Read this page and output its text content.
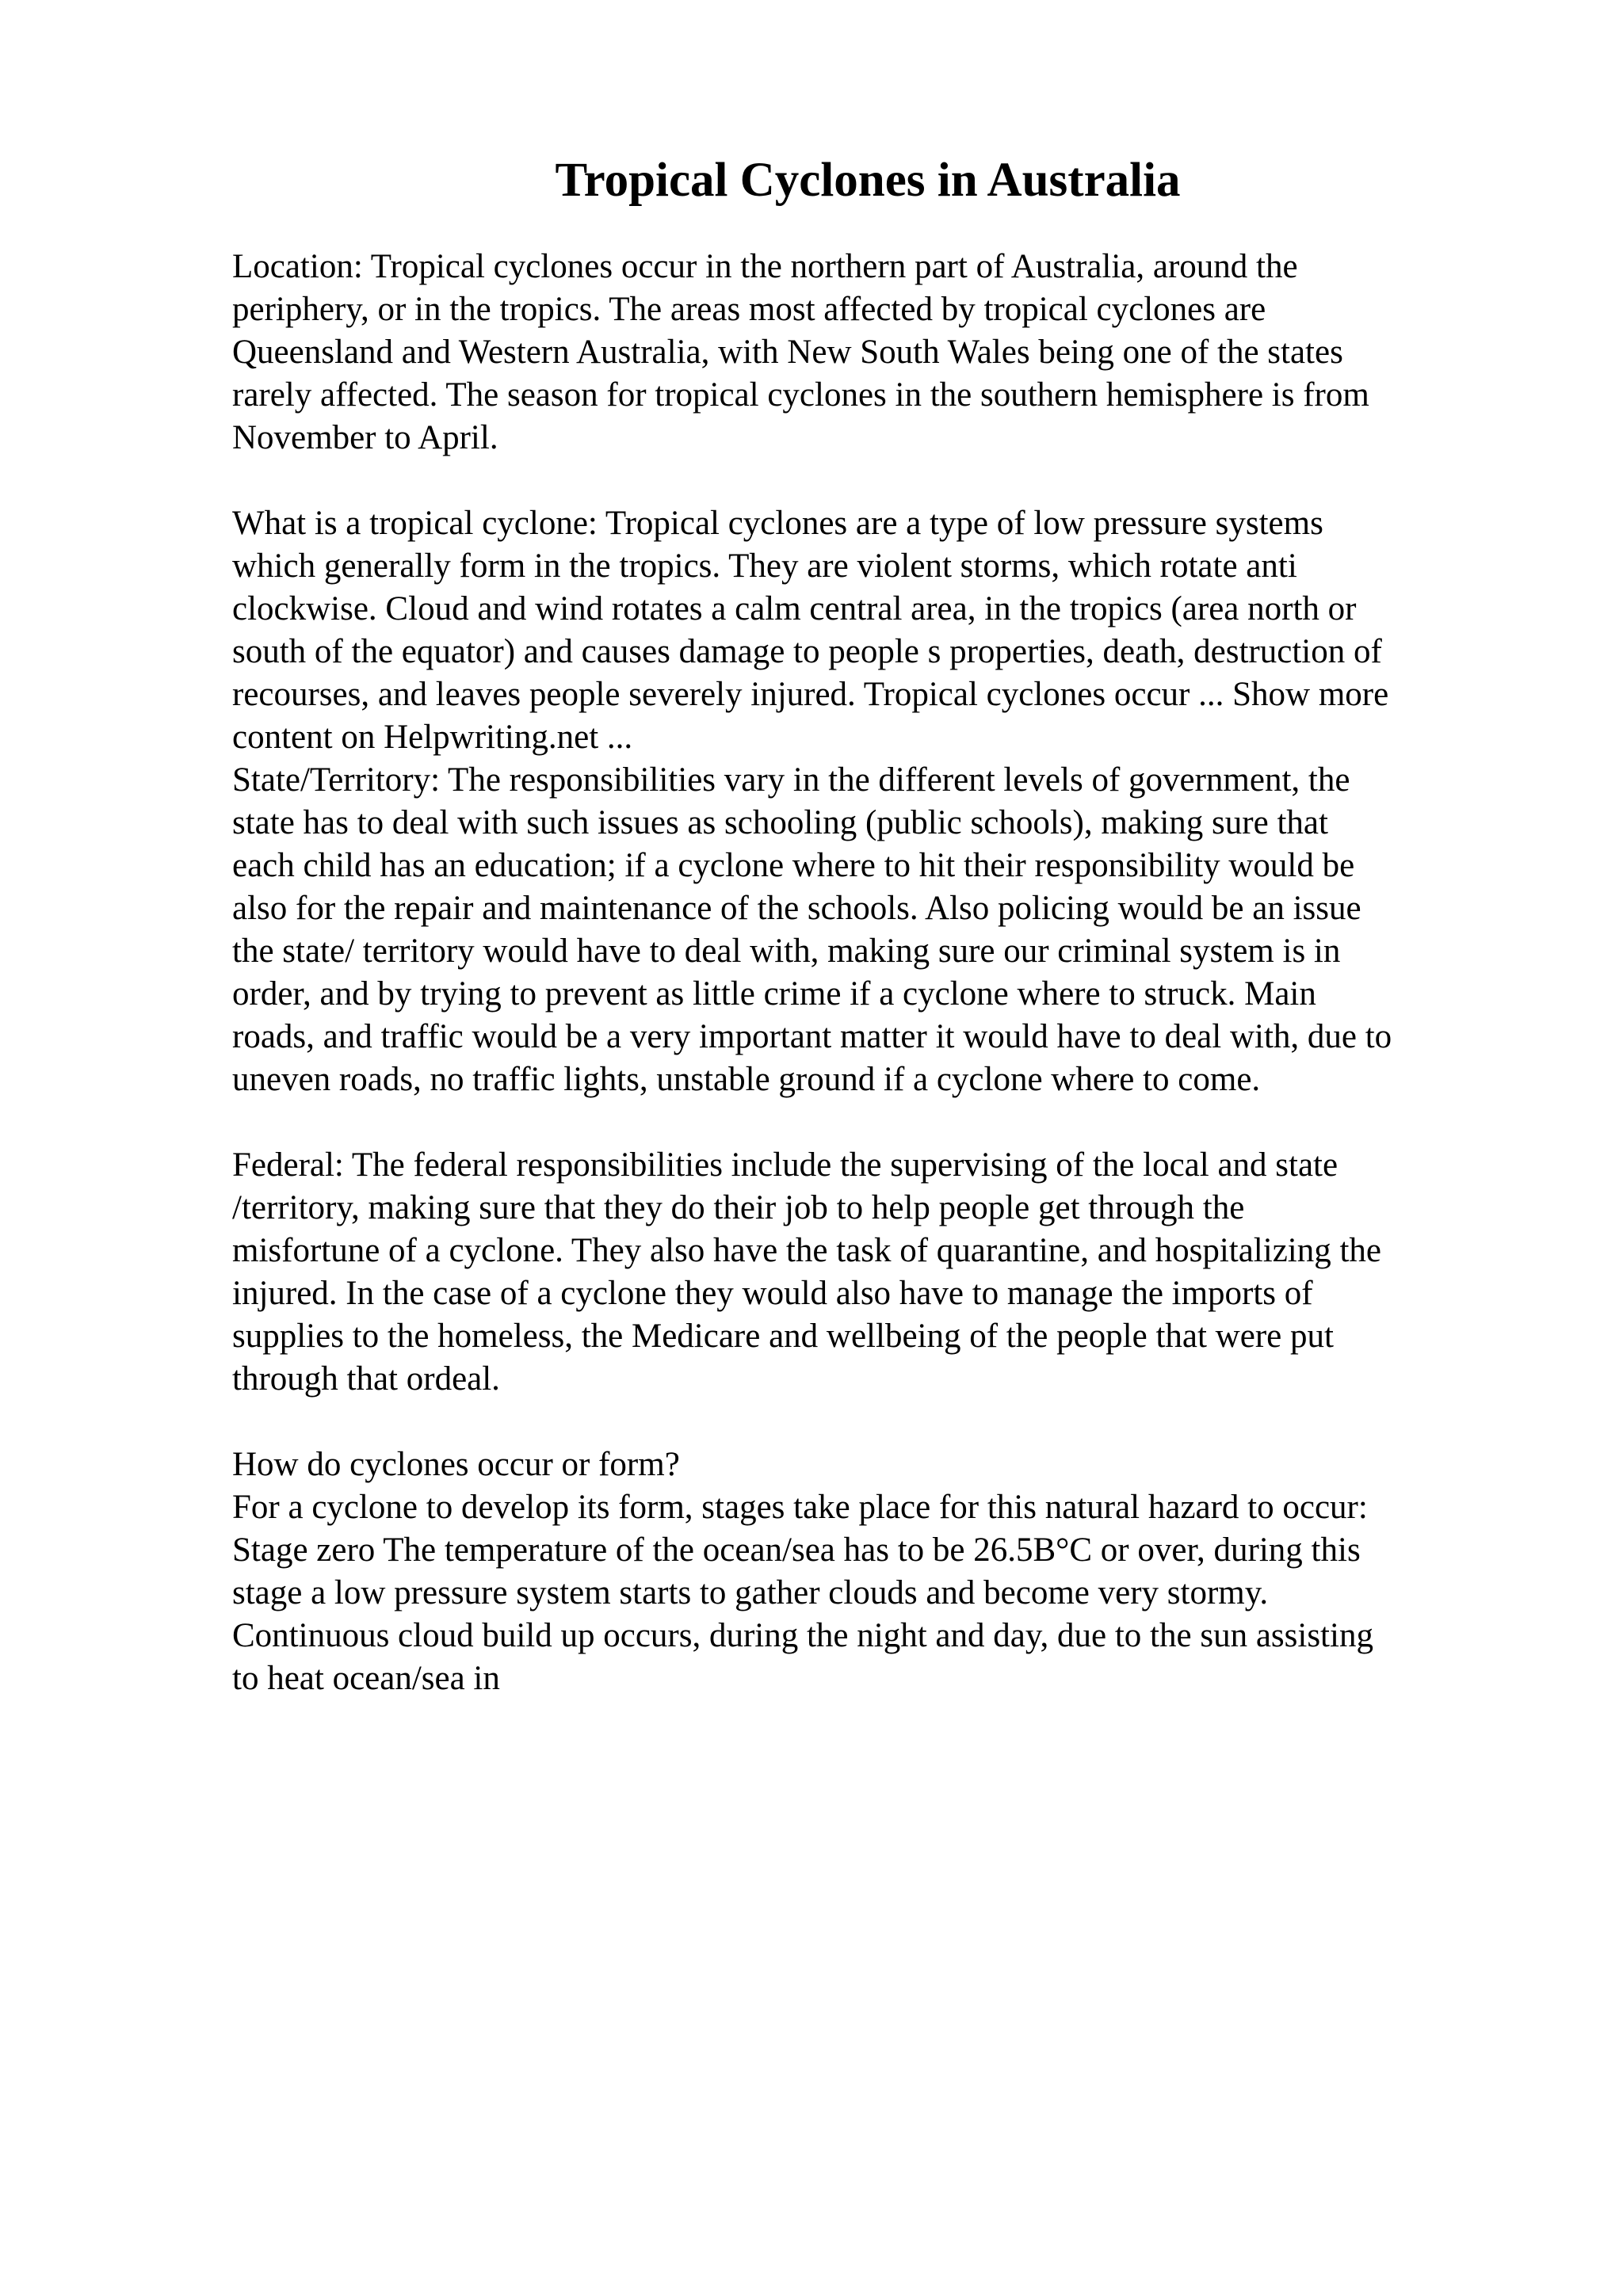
Tropical Cyclones in Australia

Location: Tropical cyclones occur in the northern part of Australia, around the
periphery, or in the tropics. The areas most affected by tropical cyclones are
Queensland and Western Australia, with New South Wales being one of the states
rarely affected. The season for tropical cyclones in the southern hemisphere is from
November to April.

What is a tropical cyclone: Tropical cyclones are a type of low pressure systems
which generally form in the tropics. They are violent storms, which rotate anti
clockwise. Cloud and wind rotates a calm central area, in the tropics (area north or
south of the equator) and causes damage to people s properties, death, destruction of
recourses, and leaves people severely injured. Tropical cyclones occur ... Show more
content on Helpwriting.net ...

State/Territory: The responsibilities vary in the different levels of government, the
state has to deal with such issues as schooling (public schools), making sure that
each child has an education; if a cyclone where to hit their responsibility would be
also for the repair and maintenance of the schools. Also policing would be an issue
the state/ territory would have to deal with, making sure our criminal system is in
order, and by trying to prevent as little crime if a cyclone where to struck. Main
roads, and traffic would be a very important matter it would have to deal with, due to
uneven roads, no traffic lights, unstable ground if a cyclone where to come.

Federal: The federal responsibilities include the supervising of the local and state
/territory, making sure that they do their job to help people get through the
misfortune of a cyclone. They also have the task of quarantine, and hospitalizing the
injured. In the case of a cyclone they would also have to manage the imports of
supplies to the homeless, the Medicare and wellbeing of the people that were put
through that ordeal.

How do cyclones occur or form?
For a cyclone to develop its form, stages take place for this natural hazard to occur:
Stage zero The temperature of the ocean/sea has to be 26.5B°C or over, during this
stage a low pressure system starts to gather clouds and become very stormy.
Continuous cloud build up occurs, during the night and day, due to the sun assisting
to heat ocean/sea in
